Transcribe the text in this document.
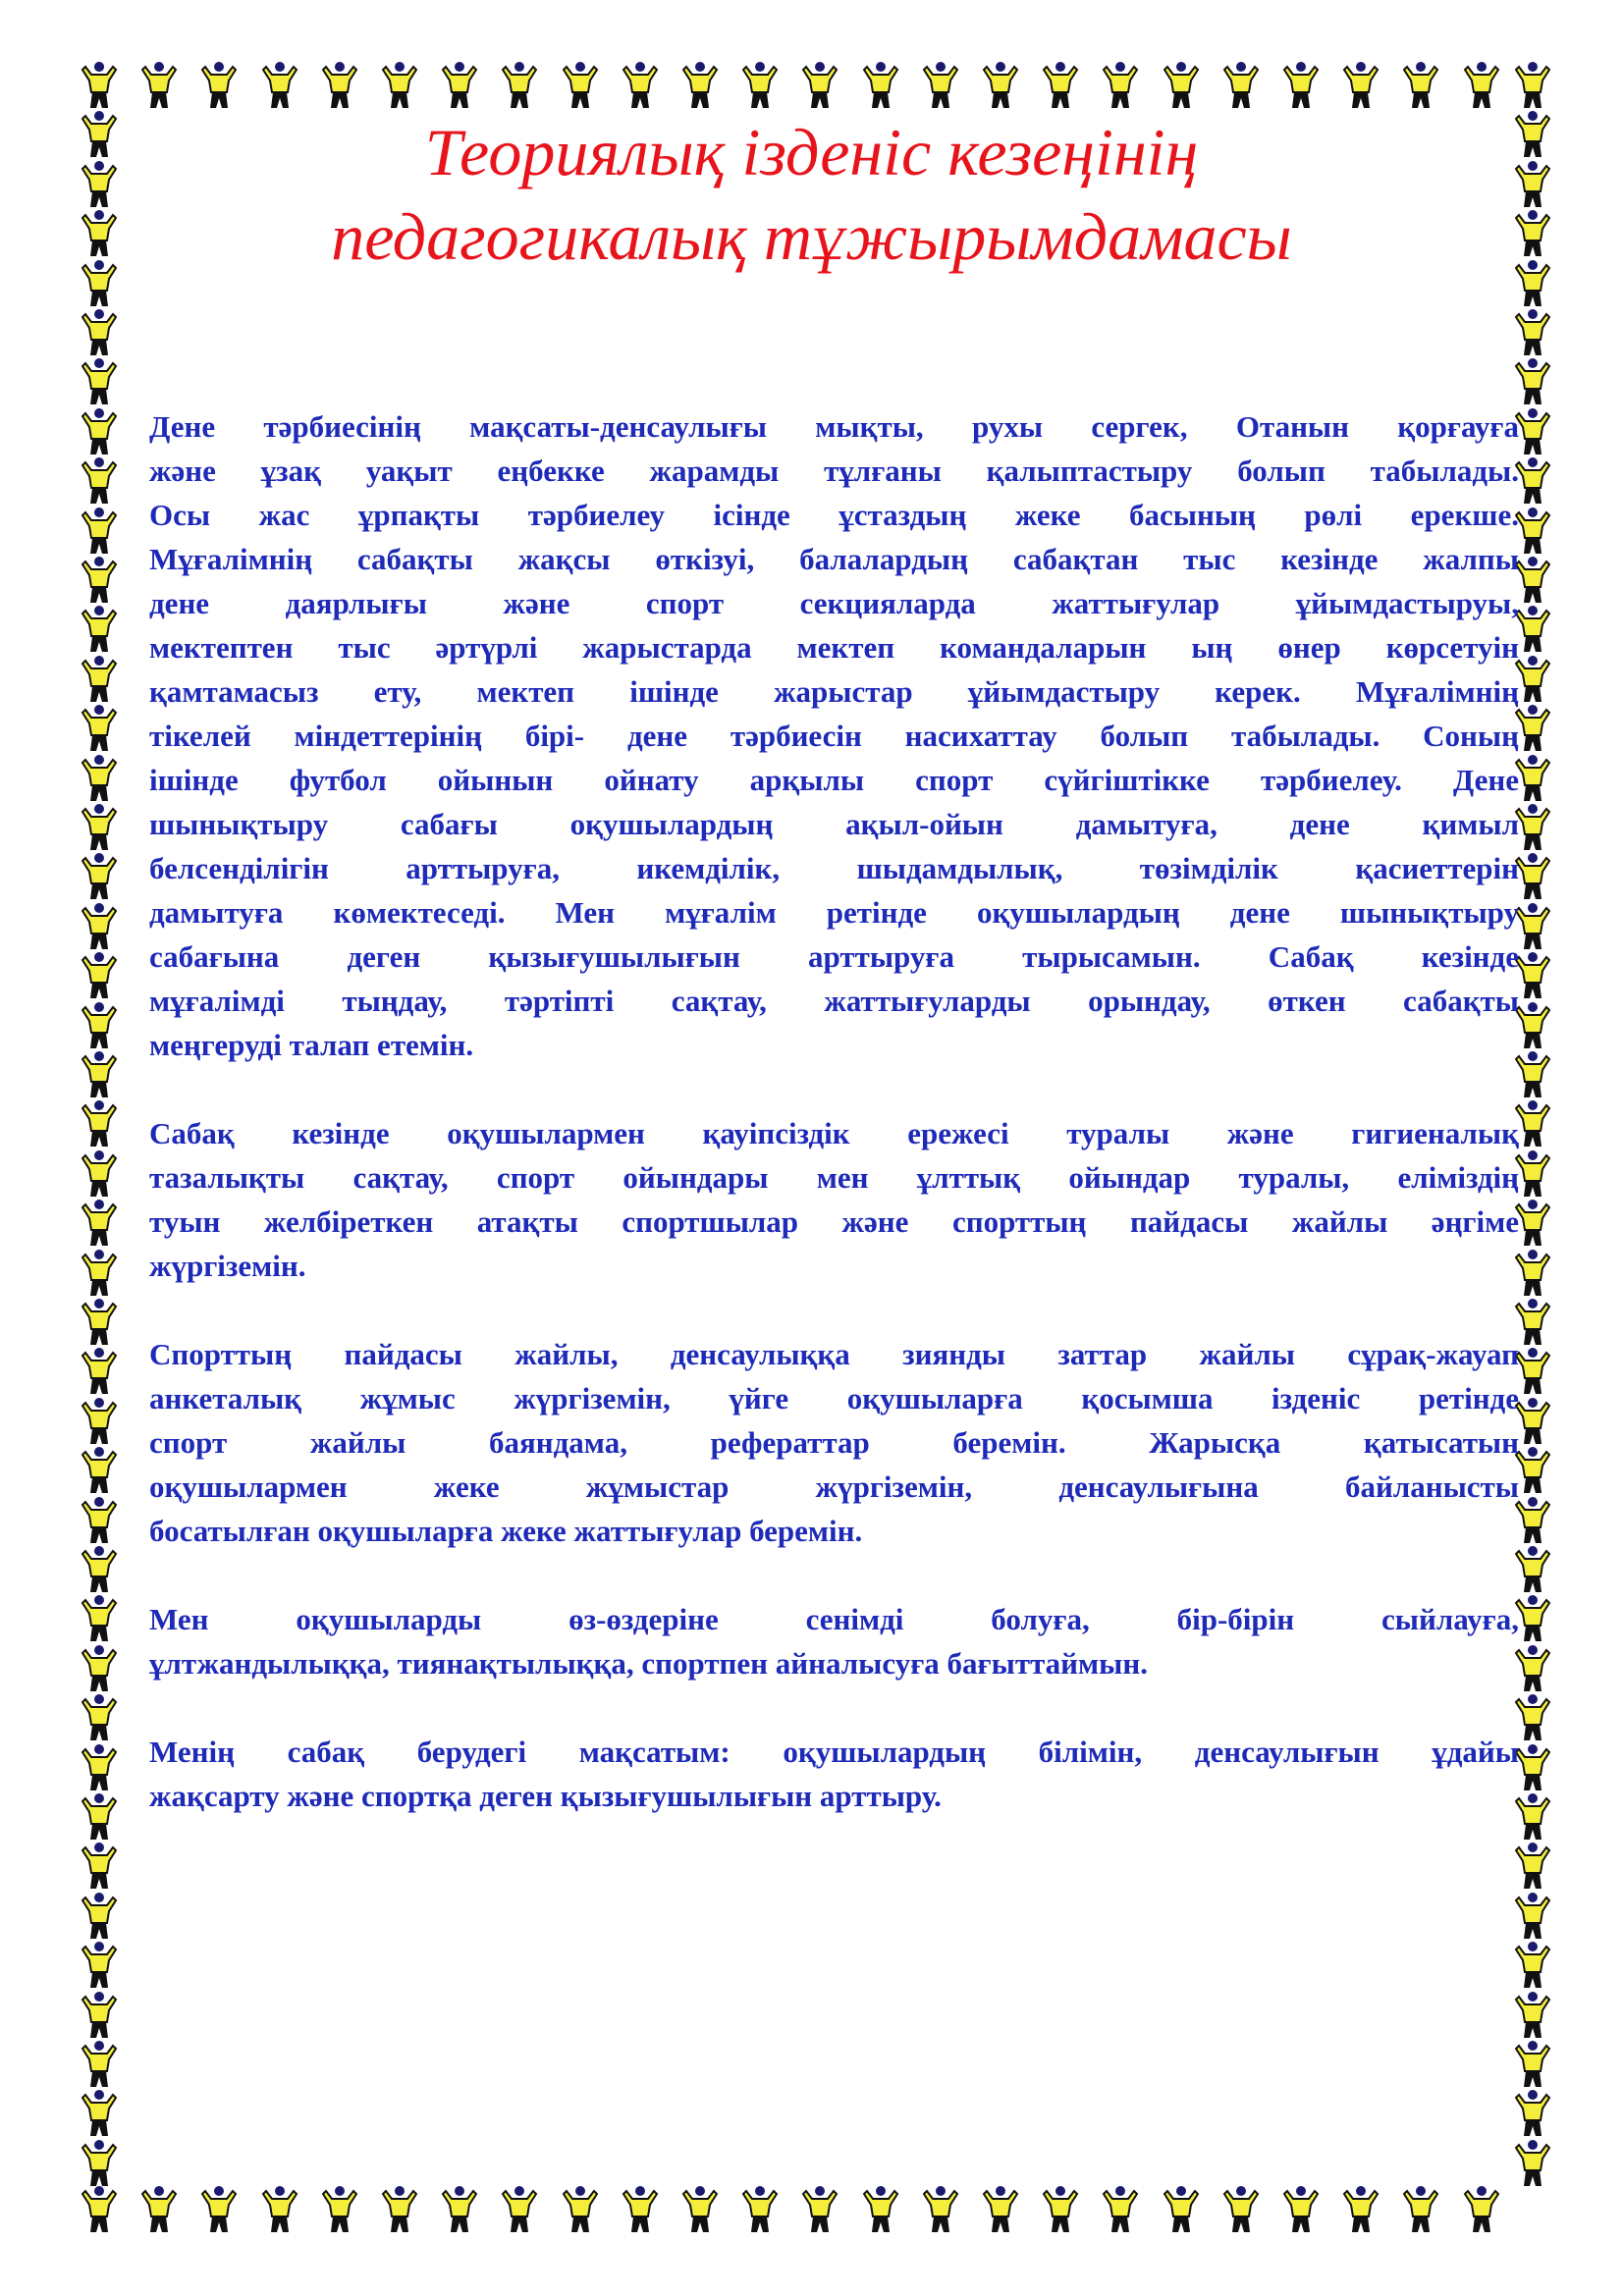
Теориялық ізденіс кезеңінің
педагогикалық тұжырымдамасы

Дене тәрбиесінің мақсаты-денсаулығы мықты, рухы сергек, Отанын қорғауға
және ұзақ уақыт еңбекке жарамды тұлғаны қалыптастыру болып табылады.
Осы жас ұрпақты тәрбиелеу ісінде ұстаздың жеке басының рөлі ерекше.
Мұғалімнің сабақты жақсы өткізуі, балалардың сабақтан тыс кезінде жалпы
дене даярлығы және спорт секцияларда жаттығулар ұйымдастыруы,
мектептен тыс әртүрлі жарыстарда мектеп командаларын ың өнер көрсетуін
қамтамасыз ету, мектеп ішінде жарыстар ұйымдастыру керек. Мұғалімнің
тікелей міндеттерінің бірі- дене тәрбиесін насихаттау болып табылады. Соның
ішінде футбол ойынын ойнату арқылы спорт сүйгіштікке тәрбиелеу. Дене
шынықтыру сабағы оқушылардың ақыл-ойын дамытуға, дене қимыл
белсенділігін арттыруға, икемділік, шыдамдылық, төзімділік қасиеттерін
дамытуға көмектеседі. Мен мұғалім ретінде оқушылардың дене шынықтыру
сабағына деген қызығушылығын арттыруға тырысамын. Сабақ кезінде
мұғалімді тыңдау, тәртіпті сақтау, жаттығуларды орындау, өткен сабақты
меңгеруді талап етемін.

Сабақ кезінде оқушылармен қауіпсіздік ережесі туралы және гигиеналық
тазалықты сақтау, спорт ойындары мен ұлттық ойындар туралы, еліміздің
туын желбіреткен атақты спортшылар және спорттың пайдасы жайлы әңгіме
жүргіземін.

Спорттың пайдасы жайлы, денсаулыққа зиянды заттар жайлы сұрақ-жауап
анкеталық жұмыс жүргіземін, үйге оқушыларға қосымша ізденіс ретінде
спорт жайлы баяндама, рефераттар беремін. Жарысқа қатысатын
оқушылармен жеке жұмыстар жүргіземін, денсаулығына байланысты
босатылған оқушыларға жеке жаттығулар беремін.

Мен оқушыларды өз-өздеріне сенімді болуға, бір-бірін сыйлауға,
ұлтжандылыққа, тиянақтылыққа, спортпен айналысуға бағыттаймын.

Менің сабақ берудегі мақсатым: оқушылардың білімін, денсаулығын ұдайы
жақсарту және спортқа деген қызығушылығын арттыру.
